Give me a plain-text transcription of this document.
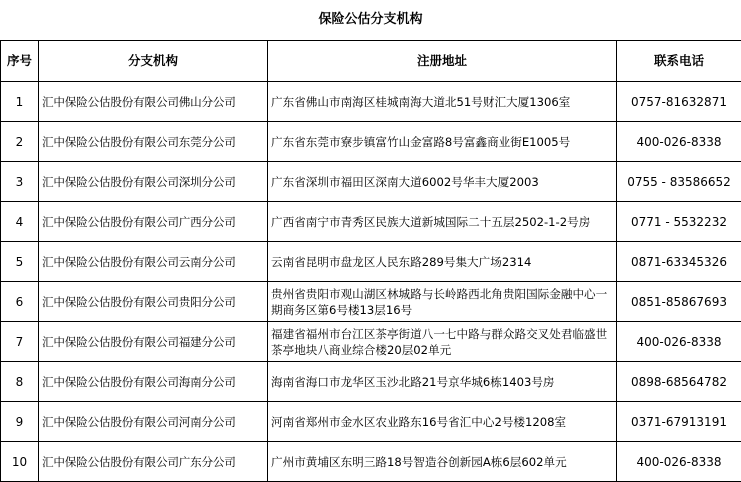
保险公估分支机构
序号	分支机构	注册地址	联系电话
1	汇中保险公估股份有限公司佛山分公司	广东省佛山市南海区桂城南海大道北51号财汇大厦1306室	0757-81632871
2	汇中保险公估股份有限公司东莞分公司	广东省东莞市寮步镇富竹山金富路8号富鑫商业街E1005号	400-026-8338
3	汇中保险公估股份有限公司深圳分公司	广东省深圳市福田区深南大道6002号华丰大厦2003	0755 - 83586652
4	汇中保险公估股份有限公司广西分公司	广西省南宁市青秀区民族大道新城国际二十五层2502-1-2号房	0771 - 5532232
5	汇中保险公估股份有限公司云南分公司	云南省昆明市盘龙区人民东路289号集大广场2314	0871-63345326
6	汇中保险公估股份有限公司贵阳分公司	贵州省贵阳市观山湖区林城路与长岭路西北角贵阳国际金融中心一期商务区第6号楼13层16号	0851-85867693
7	汇中保险公估股份有限公司福建分公司	福建省福州市台江区茶亭街道八一七中路与群众路交叉处君临盛世茶亭地块八商业综合楼20层02单元	400-026-8338
8	汇中保险公估股份有限公司海南分公司	海南省海口市龙华区玉沙北路21号京华城6栋1403号房	0898-68564782
9	汇中保险公估股份有限公司河南分公司	河南省郑州市金水区农业路东16号省汇中心2号楼1208室	0371-67913191
10	汇中保险公估股份有限公司广东分公司	广州市黄埔区东明三路18号智造谷创新园A栋6层602单元	400-026-8338
